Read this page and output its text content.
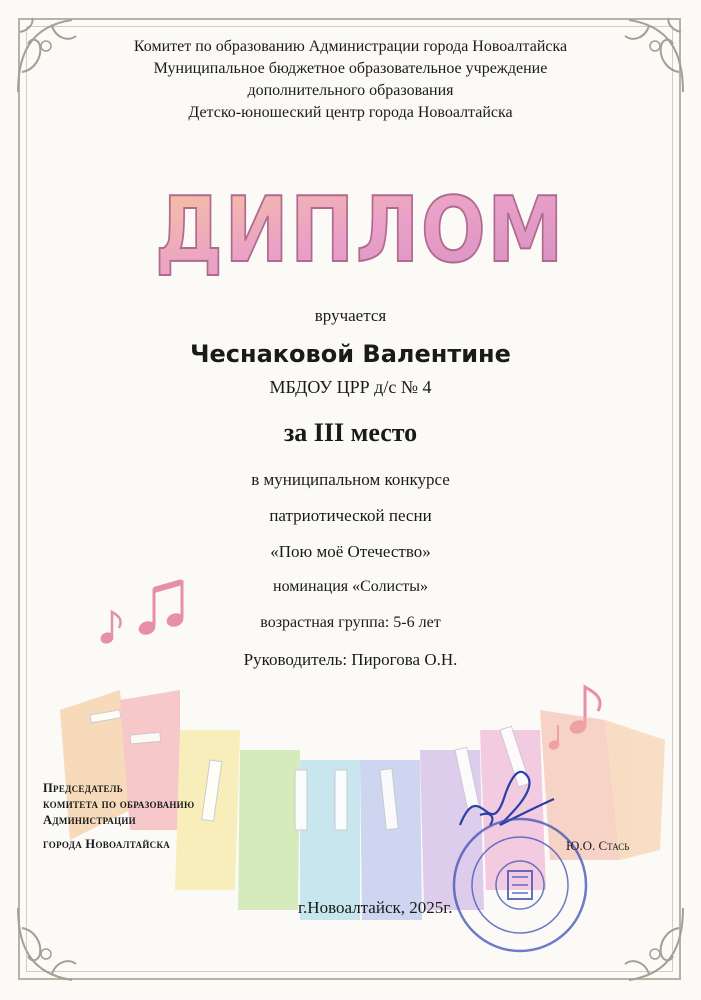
Комитет по образованию Администрации города Новоалтайска
Муниципальное бюджетное образовательное учреждение
дополнительного образования
Детско-юношеский центр города Новоалтайска
ДИПЛОМ
вручается
Чеснаковой Валентине
МБДОУ ЦРР д/с № 4
за III место
в муниципальном конкурсе
патриотической песни
«Пою моё Отечество»
номинация «Солисты»
возрастная группа: 5-6 лет
Руководитель: Пирогова О.Н.
Председатель
комитета по образованию
Администрации
города Новоалтайска	Ю.О. Стась
г.Новоалтайск, 2025г.
